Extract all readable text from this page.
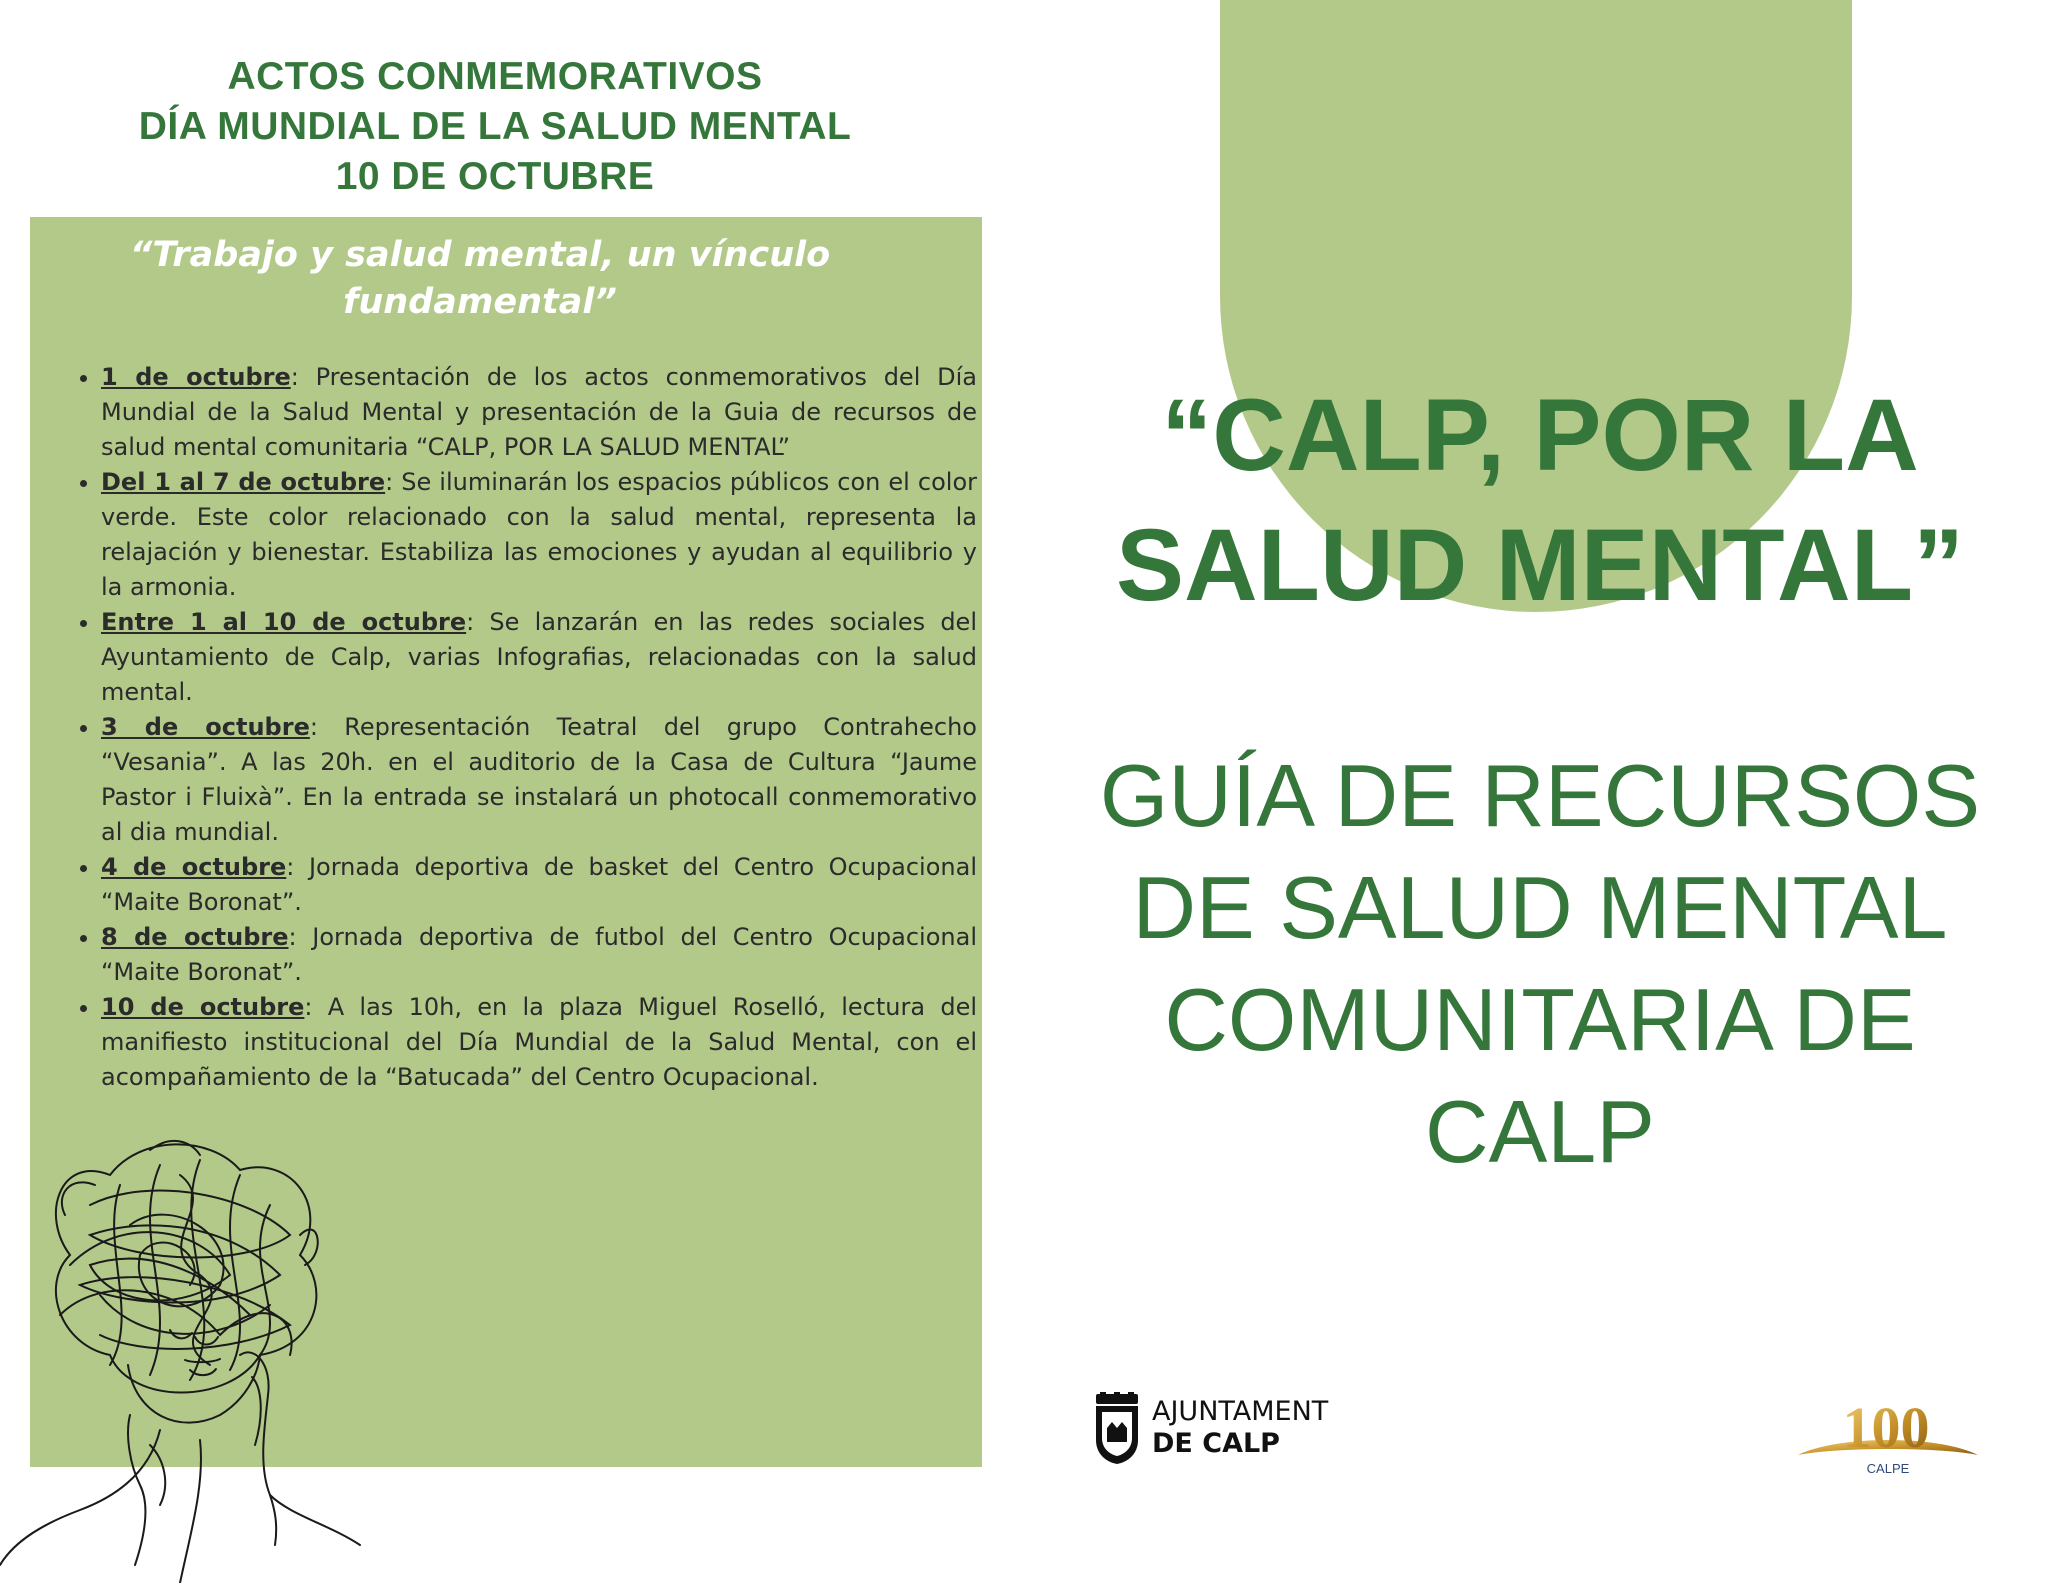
ACTOS CONMEMORATIVOS
DÍA MUNDIAL DE LA SALUD MENTAL
10 DE OCTUBRE
“Trabajo y salud mental, un vínculo
fundamental”
• 1 de octubre: Presentación de los actos conmemorativos del Día Mundial de la Salud Mental y presentación de la Guia de recursos de salud mental comunitaria “CALP, POR LA SALUD MENTAL”
• Del 1 al 7 de octubre: Se iluminarán los espacios públicos con el color verde. Este color relacionado con la salud mental, representa la relajación y bienestar. Estabiliza las emociones y ayudan al equilibrio y la armonia.
• Entre 1 al 10 de octubre: Se lanzarán en las redes sociales del Ayuntamiento de Calp, varias Infografias, relacionadas con la salud mental.
• 3 de octubre: Representación Teatral del grupo Contrahecho “Vesania”. A las 20h. en el auditorio de la Casa de Cultura “Jaume Pastor i Fluixà”. En la entrada se instalará un photocall conmemorativo al dia mundial.
• 4 de octubre: Jornada deportiva de basket del Centro Ocupacional “Maite Boronat”.
• 8 de octubre: Jornada deportiva de futbol del Centro Ocupacional “Maite Boronat”.
• 10 de octubre: A las 10h, en la plaza Miguel Roselló, lectura del manifiesto institucional del Día Mundial de la Salud Mental, con el acompañamiento de la “Batucada” del Centro Ocupacional.
“CALP, POR LA
SALUD MENTAL”
GUÍA DE RECURSOS
DE SALUD MENTAL
COMUNITARIA DE
CALP
AJUNTAMENT
DE CALP	100
CALPE
